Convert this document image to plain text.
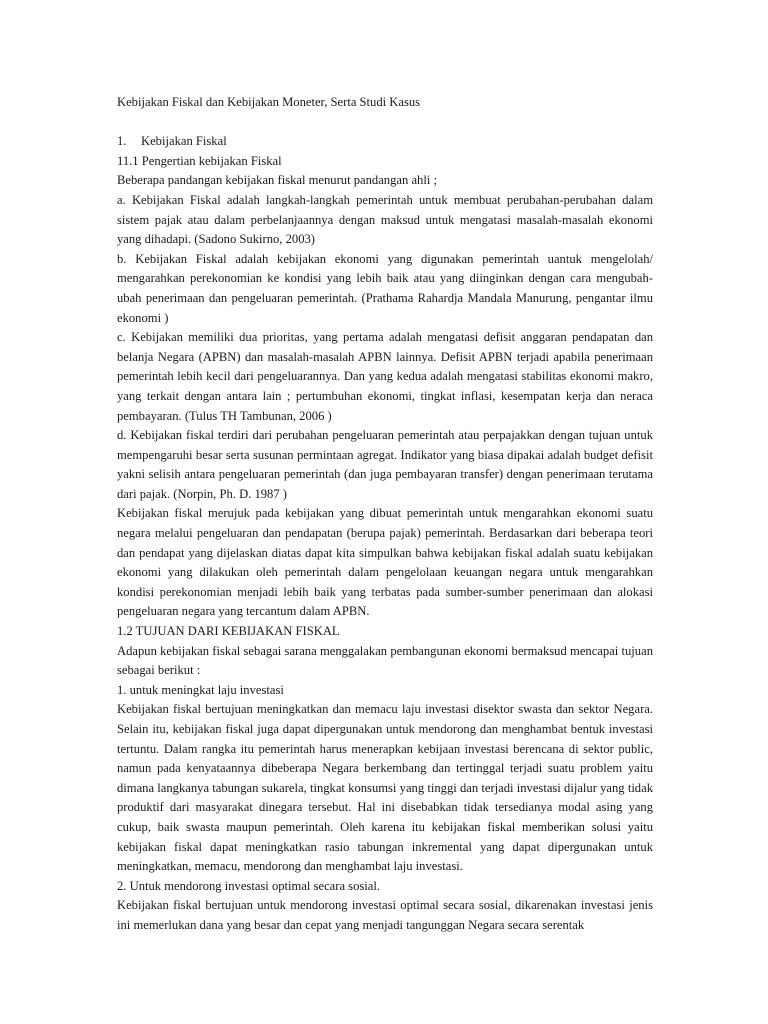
Kebijakan Fiskal dan Kebijakan Moneter, Serta Studi Kasus
1. Kebijakan Fiskal
11.1 Pengertian kebijakan Fiskal
Beberapa pandangan kebijakan fiskal menurut pandangan ahli ;

a. Kebijakan Fiskal adalah langkah-langkah pemerintah untuk membuat perubahan-perubahan dalam sistem pajak atau dalam perbelanjaannya dengan maksud untuk mengatasi masalah-masalah ekonomi yang dihadapi. (Sadono Sukirno, 2003)

b. Kebijakan Fiskal adalah kebijakan ekonomi yang digunakan pemerintah uantuk mengelolah/ mengarahkan perekonomian ke kondisi yang lebih baik atau yang diinginkan dengan cara mengubah- ubah penerimaan dan pengeluaran pemerintah. (Prathama Rahardja Mandala Manurung, pengantar ilmu ekonomi )

c. Kebijakan memiliki dua prioritas, yang pertama adalah mengatasi defisit anggaran pendapatan dan belanja Negara (APBN) dan masalah-masalah APBN lainnya. Defisit APBN terjadi apabila penerimaan pemerintah lebih kecil dari pengeluarannya. Dan yang kedua adalah mengatasi stabilitas ekonomi makro, yang terkait dengan antara lain ; pertumbuhan ekonomi, tingkat inflasi, kesempatan kerja dan neraca pembayaran. (Tulus TH Tambunan, 2006 )

d. Kebijakan fiskal terdiri dari perubahan pengeluaran pemerintah atau perpajakkan dengan tujuan untuk mempengaruhi besar serta susunan permintaan agregat. Indikator yang biasa dipakai adalah budget defisit yakni selisih antara pengeluaran pemerintah (dan juga pembayaran transfer) dengan penerimaan terutama dari pajak. (Norpin, Ph. D. 1987 )

Kebijakan fiskal merujuk pada kebijakan yang dibuat pemerintah untuk mengarahkan ekonomi suatu negara melalui pengeluaran dan pendapatan (berupa pajak) pemerintah. Berdasarkan dari beberapa teori dan pendapat yang dijelaskan diatas dapat kita simpulkan bahwa kebijakan fiskal adalah suatu kebijakan ekonomi yang dilakukan oleh pemerintah dalam pengelolaan keuangan negara untuk mengarahkan kondisi perekonomian menjadi lebih baik yang terbatas pada sumber-sumber penerimaan dan alokasi pengeluaran negara yang tercantum dalam APBN.

1.2 TUJUAN DARI KEBIJAKAN FISKAL

Adapun kebijakan fiskal sebagai sarana menggalakan pembangunan ekonomi bermaksud mencapai tujuan sebagai berikut :

1. untuk meningkat laju investasi

Kebijakan fiskal bertujuan meningkatkan dan memacu laju investasi disektor swasta dan sektor Negara. Selain itu, kebijakan fiskal juga dapat dipergunakan untuk mendorong dan menghambat bentuk investasi tertuntu. Dalam rangka itu pemerintah harus menerapkan kebijaan investasi berencana di sektor public, namun pada kenyataannya dibeberapa Negara berkembang dan tertinggal terjadi suatu problem yaitu dimana langkanya tabungan sukarela, tingkat konsumsi yang tinggi dan terjadi investasi dijalur yang tidak produktif dari masyarakat dinegara tersebut. Hal ini disebabkan tidak tersedianya modal asing yang cukup, baik swasta maupun pemerintah. Oleh karena itu kebijakan fiskal memberikan solusi yaitu kebijakan fiskal dapat meningkatkan rasio tabungan inkremental yang dapat dipergunakan untuk meningkatkan, memacu, mendorong dan menghambat laju investasi.

2. Untuk mendorong investasi optimal secara sosial.

Kebijakan fiskal bertujuan untuk mendorong investasi optimal secara sosial, dikarenakan investasi jenis ini memerlukan dana yang besar dan cepat yang menjadi tangunggan Negara secara serentak
